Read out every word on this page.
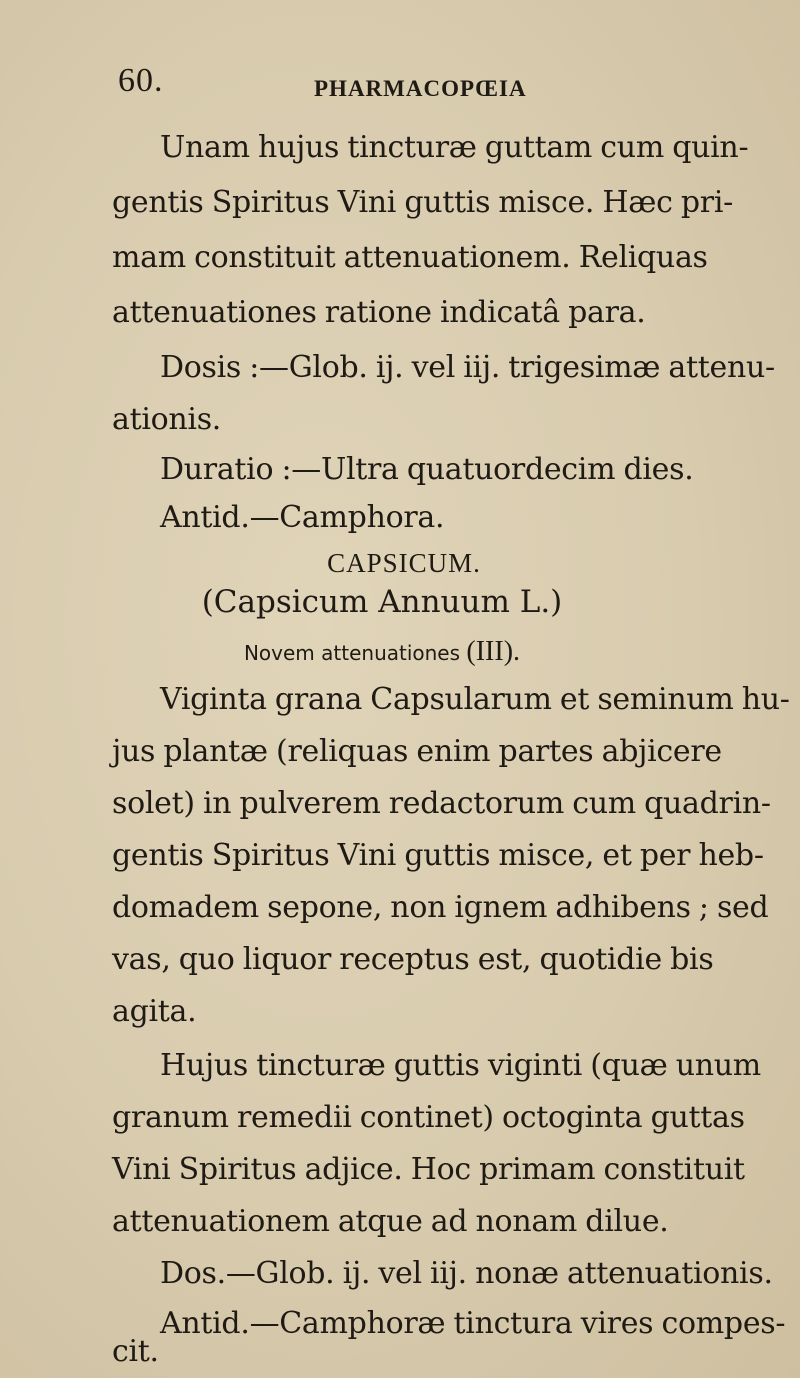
60.	PHARMACOPŒIA
Unam hujus tincturæ guttam cum quin-
gentis Spiritus Vini guttis misce. Hæc pri-
mam constituit attenuationem. Reliquas
attenuationes ratione indicatâ para.
Dosis :—Glob. ij. vel iij. trigesimæ attenu-
ationis.
Duratio :—Ultra quatuordecim dies.
Antid.—Camphora.
CAPSICUM.
(Capsicum Annuum L.)
Novem attenuationes (III).
Viginta grana Capsularum et seminum hu-
jus plantæ (reliquas enim partes abjicere
solet) in pulverem redactorum cum quadrin-
gentis Spiritus Vini guttis misce, et per heb-
domadem sepone, non ignem adhibens ; sed
vas, quo liquor receptus est, quotidie bis
agita.
Hujus tincturæ guttis viginti (quæ unum
granum remedii continet) octoginta guttas
Vini Spiritus adjice. Hoc primam constituit
attenuationem atque ad nonam dilue.
Dos.—Glob. ij. vel iij. nonæ attenuationis.
Antid.—Camphoræ tinctura vires compes-
cit.
